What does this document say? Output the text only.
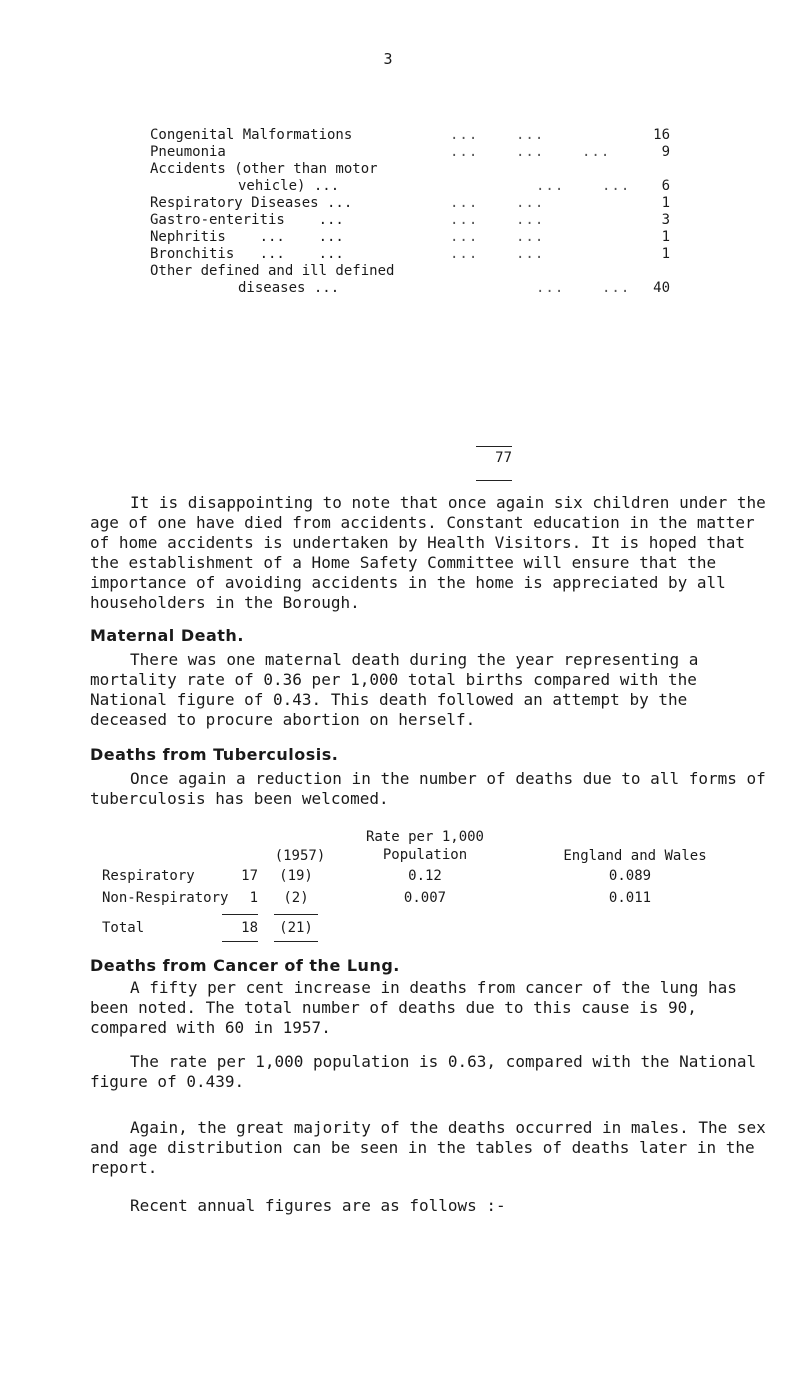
3
Congenital Malformations	...    ...	16
Pneumonia	...    ...    ...	9
Accidents (other than motor
vehicle) ...	...    ...	6
Respiratory Diseases ...	...    ...	1
Gastro-enteritis    ...	...    ...	3
Nephritis    ...    ...	...    ...	1
Bronchitis   ...    ...	...    ...	1
Other defined and ill defined
diseases ...	...    ...	40
77

It is disappointing to note that once again six children under the age of one have died from accidents. Constant education in the matter of home accidents is undertaken by Health Visitors. It is hoped that the establishment of a Home Safety Committee will ensure that the importance of avoiding accidents in the home is appreciated by all householders in the Borough.

Maternal Death.

There was one maternal death during the year representing a mortality rate of 0.36 per 1,000 total births compared with the National figure of 0.43. This death followed an attempt by the deceased to procure abortion on herself.

Deaths from Tuberculosis.

Once again a reduction in the number of deaths due to all forms of tuberculosis has been welcomed.

(1957)
Rate per 1,000
Population	England and Wales
Respiratory	17	(19)	0.12	0.089
Non-Respiratory	1	(2)	0.007	0.011
Total	18	(21)
Deaths from Cancer of the Lung.

A fifty per cent increase in deaths from cancer of the lung has been noted. The total number of deaths due to this cause is 90, compared with 60 in 1957.

The rate per 1,000 population is 0.63, compared with the National figure of 0.439.

Again, the great majority of the deaths occurred in males. The sex and age distribution can be seen in the tables of deaths later in the report.

Recent annual figures are as follows :-
